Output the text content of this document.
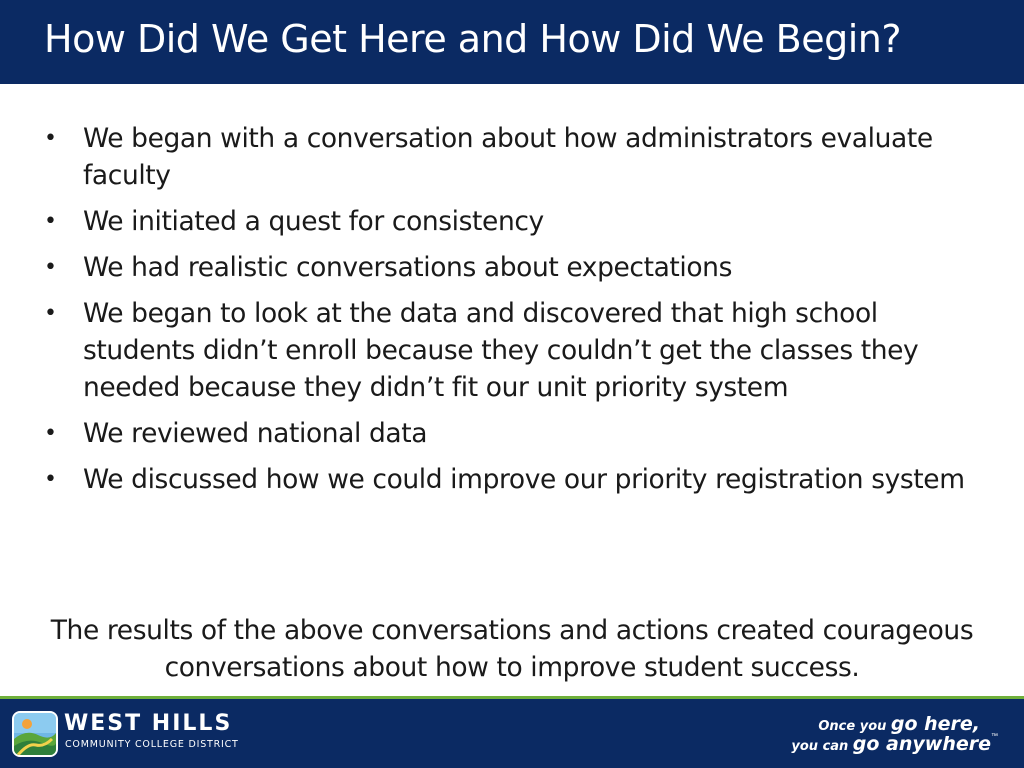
How Did We Get Here and How Did We Begin?
• We began with a conversation about how administrators evaluate faculty
• We initiated a quest for consistency
• We had realistic conversations about expectations
• We began to look at the data and discovered that high school students didn’t enroll because they couldn’t get the classes they needed because they didn’t fit our unit priority system
• We reviewed national data
• We discussed how we could improve our priority registration system

The results of the above conversations and actions created courageous conversations about how to improve student success.

WEST HILLS
COMMUNITY COLLEGE DISTRICT
Once you go here,
you can go anywhere™
